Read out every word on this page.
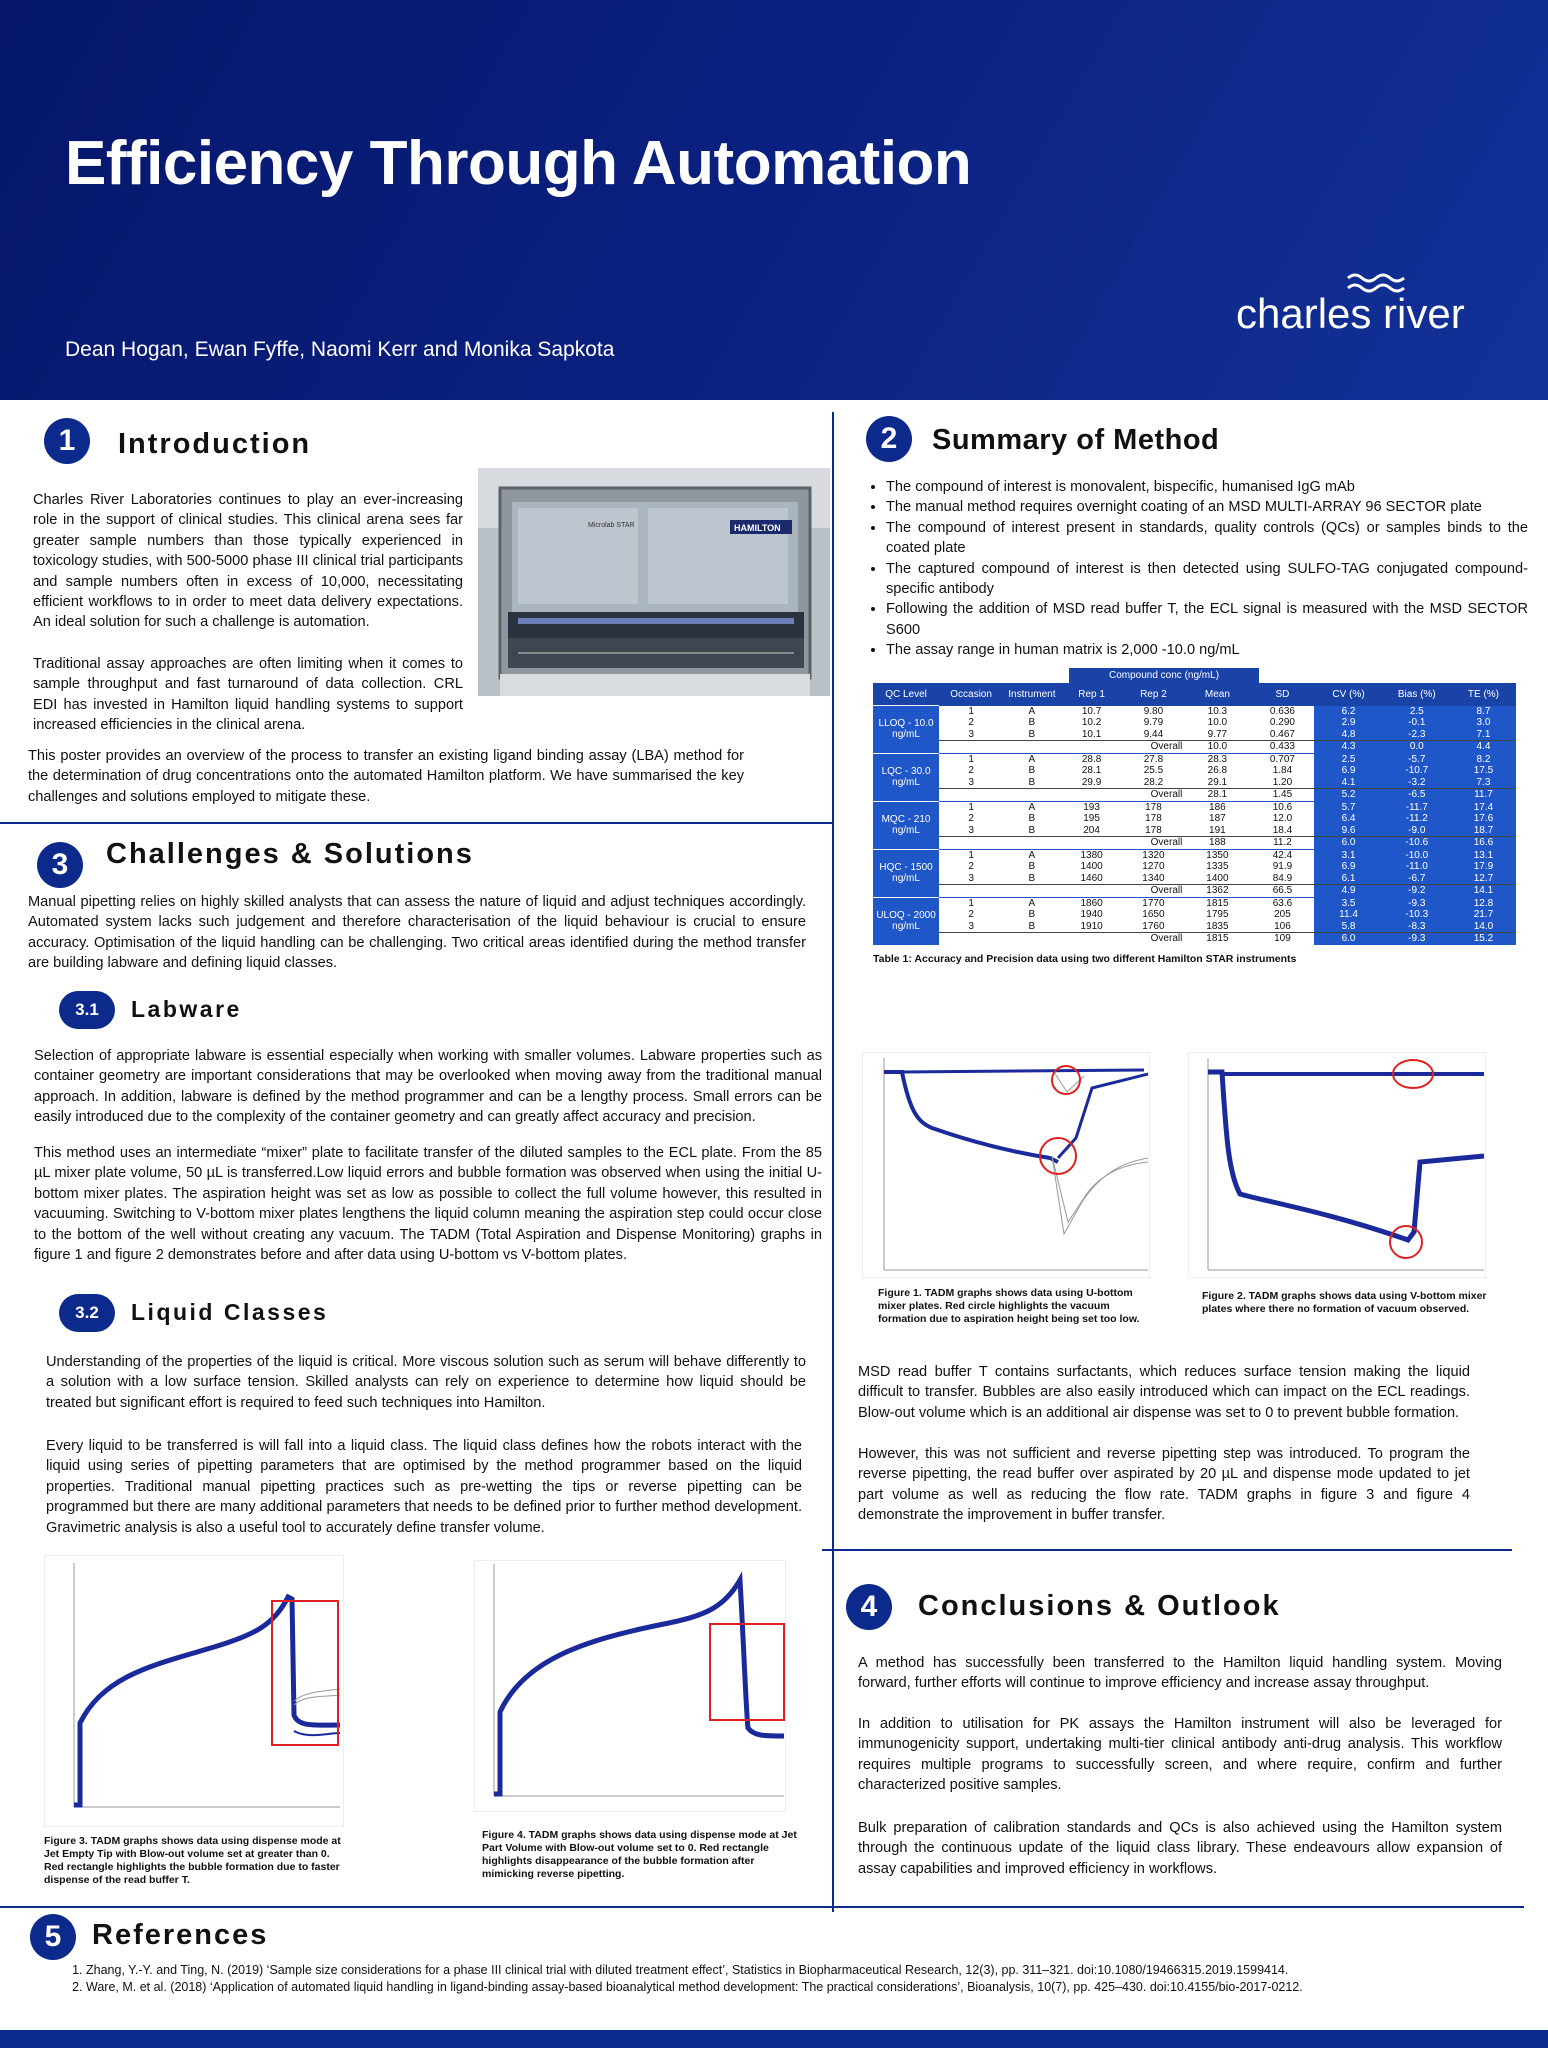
Efficiency Through Automation
Dean Hogan, Ewan Fyffe, Naomi Kerr and Monika Sapkota
charles river
1	Introduction
Charles River Laboratories continues to play an ever-increasing role in the support of clinical studies. This clinical arena sees far greater sample numbers than those typically experienced in toxicology studies, with 500-5000 phase III clinical trial participants and sample numbers often in excess of 10,000, necessitating efficient workflows to in order to meet data delivery expectations. An ideal solution for such a challenge is automation.
Traditional assay approaches are often limiting when it comes to sample throughput and fast turnaround of data collection. CRL EDI has invested in Hamilton liquid handling systems to support increased efficiencies in the clinical arena.
This poster provides an overview of the process to transfer an existing ligand binding assay (LBA) method for the determination of drug concentrations onto the automated Hamilton platform. We have summarised the key challenges and solutions employed to mitigate these.
HAMILTON
Microlab STAR
3	Challenges & Solutions
Manual pipetting relies on highly skilled analysts that can assess the nature of liquid and adjust techniques accordingly. Automated system lacks such judgement and therefore characterisation of the liquid behaviour is crucial to ensure accuracy. Optimisation of the liquid handling can be challenging. Two critical areas identified during the method transfer are building labware and defining liquid classes.
3.1	Labware
Selection of appropriate labware is essential especially when working with smaller volumes. Labware properties such as container geometry are important considerations that may be overlooked when moving away from the traditional manual approach. In addition, labware is defined by the method programmer and can be a lengthy process. Small errors can be easily introduced due to the complexity of the container geometry and can greatly affect accuracy and precision.
This method uses an intermediate “mixer” plate to facilitate transfer of the diluted samples to the ECL plate. From the 85 µL mixer plate volume, 50 µL is transferred.Low liquid errors and bubble formation was observed when using the initial U-bottom mixer plates. The aspiration height was set as low as possible to collect the full volume however, this resulted in vacuuming. Switching to V-bottom mixer plates lengthens the liquid column meaning the aspiration step could occur close to the bottom of the well without creating any vacuum. The TADM (Total Aspiration and Dispense Monitoring) graphs in figure 1 and figure 2 demonstrates before and after data using U-bottom vs V-bottom plates.
3.2	Liquid Classes
Understanding of the properties of the liquid is critical. More viscous solution such as serum will behave differently to a solution with a low surface tension. Skilled analysts can rely on experience to determine how liquid should be treated but significant effort is required to feed such techniques into Hamilton.
Every liquid to be transferred is will fall into a liquid class. The liquid class defines how the robots interact with the liquid using series of pipetting parameters that are optimised by the method programmer based on the liquid properties. Traditional manual pipetting practices such as pre-wetting the tips or reverse pipetting can be programmed but there are many additional parameters that needs to be defined prior to further method development. Gravimetric analysis is also a useful tool to accurately define transfer volume.
Figure 3. TADM graphs shows data using dispense mode at Jet Empty Tip with Blow-out volume set at greater than 0. Red rectangle highlights the bubble formation due to faster dispense of the read buffer T.
Figure 4. TADM graphs shows data using dispense mode at Jet Part Volume with Blow-out volume set to 0. Red rectangle highlights disappearance of the bubble formation after mimicking reverse pipetting.
2	Summary of Method
• The compound of interest is monovalent, bispecific, humanised IgG mAb
• The manual method requires overnight coating of an MSD MULTI-ARRAY 96 SECTOR plate
• The compound of interest present in standards, quality controls (QCs) or samples binds to the coated plate
• The captured compound of interest is then detected using SULFO-TAG conjugated compound-specific antibody
• Following the addition of MSD read buffer T, the ECL signal is measured with the MSD SECTOR S600
• The assay range in human matrix is 2,000 -10.0 ng/mL
Compound conc (ng/mL)
QC Level	Occasion	Instrument	Rep 1	Rep 2	Mean	SD	CV (%)	Bias (%)	TE (%)
LLOQ - 10.0 ng/mL	1	A	10.7	9.80	10.3	0.636	6.2	2.5	8.7
	2	B	10.2	9.79	10.0	0.290	2.9	-0.1	3.0
	3	B	10.1	9.44	9.77	0.467	4.8	-2.3	7.1
	Overall				10.0	0.433	4.3	0.0	4.4
LQC - 30.0 ng/mL	1	A	28.8	27.8	28.3	0.707	2.5	-5.7	8.2
	2	B	28.1	25.5	26.8	1.84	6.9	-10.7	17.5
	3	B	29.9	28.2	29.1	1.20	4.1	-3.2	7.3
	Overall				28.1	1.45	5.2	-6.5	11.7
MQC - 210 ng/mL	1	A	193	178	186	10.6	5.7	-11.7	17.4
	2	B	195	178	187	12.0	6.4	-11.2	17.6
	3	B	204	178	191	18.4	9.6	-9.0	18.7
	Overall				188	11.2	6.0	-10.6	16.6
HQC - 1500 ng/mL	1	A	1380	1320	1350	42.4	3.1	-10.0	13.1
	2	B	1400	1270	1335	91.9	6.9	-11.0	17.9
	3	B	1460	1340	1400	84.9	6.1	-6.7	12.7
	Overall				1362	66.5	4.9	-9.2	14.1
ULOQ - 2000 ng/mL	1	A	1860	1770	1815	63.6	3.5	-9.3	12.8
	2	B	1940	1650	1795	205	11.4	-10.3	21.7
	3	B	1910	1760	1835	106	5.8	-8.3	14.0
	Overall				1815	109	6.0	-9.3	15.2
Table 1: Accuracy and Precision data using two different Hamilton STAR instruments
Figure 1. TADM graphs shows data using U-bottom mixer plates. Red circle highlights the vacuum formation due to aspiration height being set too low.
Figure 2. TADM graphs shows data using V-bottom mixer plates where there no formation of vacuum observed.
MSD read buffer T contains surfactants, which reduces surface tension making the liquid difficult to transfer. Bubbles are also easily introduced which can impact on the ECL readings. Blow-out volume which is an additional air dispense was set to 0 to prevent bubble formation.
However, this was not sufficient and reverse pipetting step was introduced. To program the reverse pipetting, the read buffer over aspirated by 20 µL and dispense mode updated to jet part volume as well as reducing the flow rate. TADM graphs in figure 3 and figure 4 demonstrate the improvement in buffer transfer.
4	Conclusions & Outlook
A method has successfully been transferred to the Hamilton liquid handling system. Moving forward, further efforts will continue to improve efficiency and increase assay throughput.
In addition to utilisation for PK assays the Hamilton instrument will also be leveraged for immunogenicity support, undertaking multi-tier clinical antibody anti-drug analysis. This workflow requires multiple programs to successfully screen, and where require, confirm and further characterized positive samples.
Bulk preparation of calibration standards and QCs is also achieved using the Hamilton system through the continuous update of the liquid class library. These endeavours allow expansion of assay capabilities and improved efficiency in workflows.
5	References
1. Zhang, Y.-Y. and Ting, N. (2019) ‘Sample size considerations for a phase III clinical trial with diluted treatment effect’, Statistics in Biopharmaceutical Research, 12(3), pp. 311–321. doi:10.1080/19466315.2019.1599414.
2. Ware, M. et al. (2018) ‘Application of automated liquid handling in ligand-binding assay-based bioanalytical method development: The practical considerations’, Bioanalysis, 10(7), pp. 425–430. doi:10.4155/bio-2017-0212.
